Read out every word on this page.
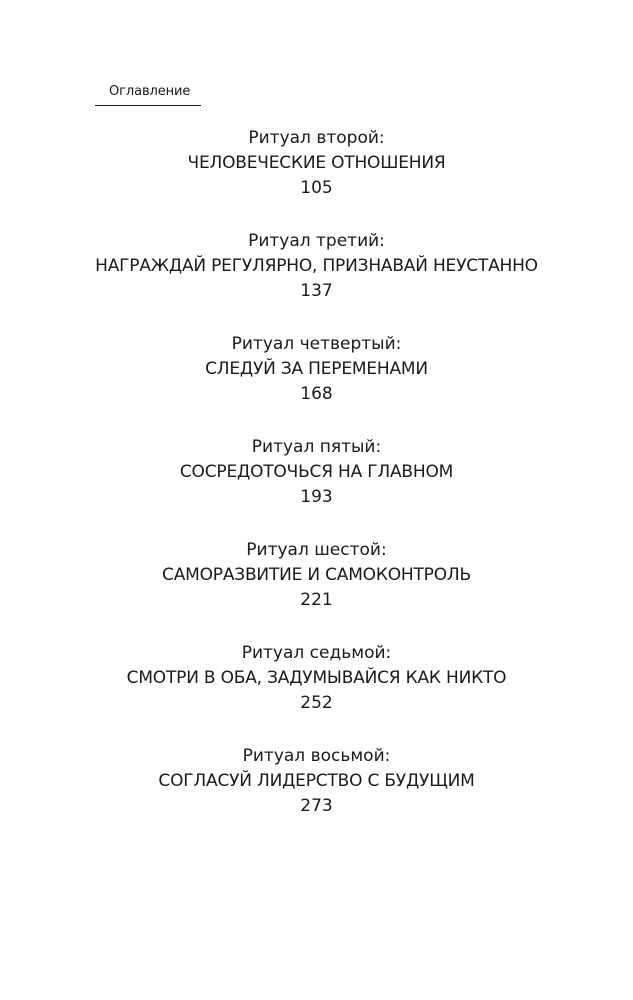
Оглавление
Ритуал второй:
ЧЕЛОВЕЧЕСКИЕ ОТНОШЕНИЯ
105
Ритуал третий:
НАГРАЖДАЙ РЕГУЛЯРНО, ПРИЗНАВАЙ НЕУСТАННО
137
Ритуал четвертый:
СЛЕДУЙ ЗА ПЕРЕМЕНАМИ
168
Ритуал пятый:
СОСРЕДОТОЧЬСЯ НА ГЛАВНОМ
193
Ритуал шестой:
САМОРАЗВИТИЕ И САМОКОНТРОЛЬ
221
Ритуал седьмой:
СМОТРИ В ОБА, ЗАДУМЫВАЙСЯ КАК НИКТО
252
Ритуал восьмой:
СОГЛАСУЙ ЛИДЕРСТВО С БУДУЩИМ
273
